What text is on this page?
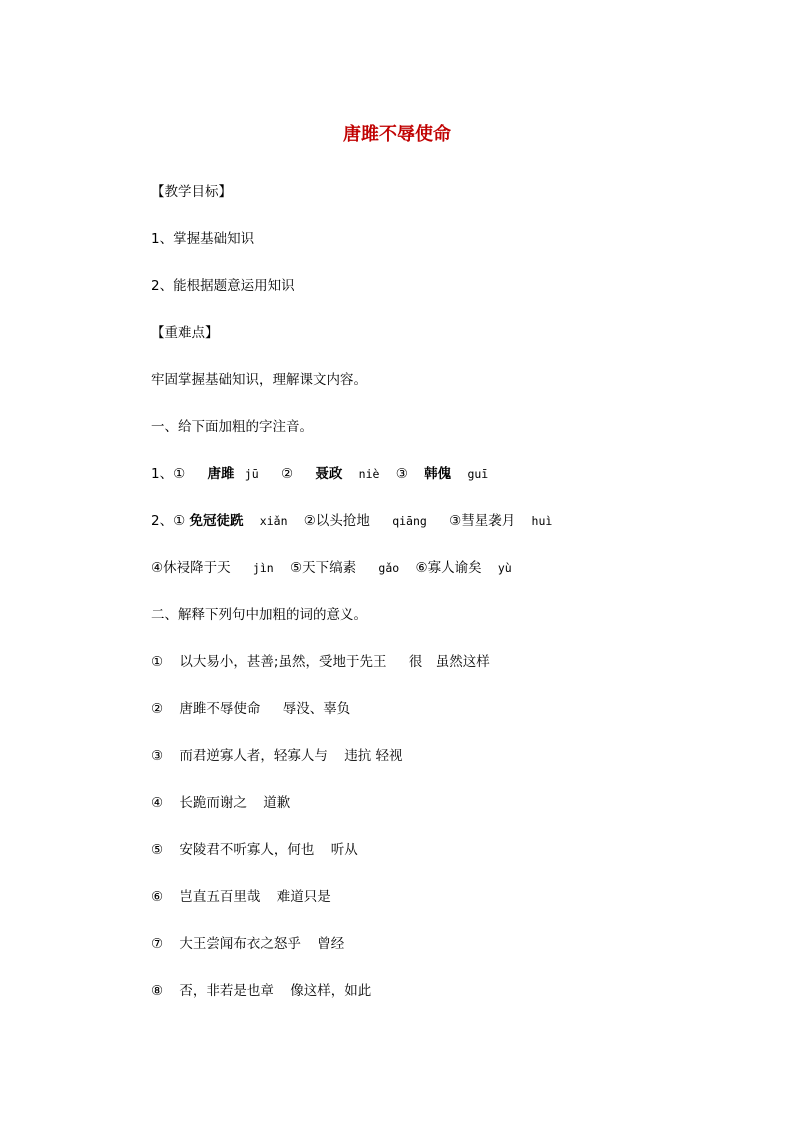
唐雎不辱使命
【教学目标】
1、掌握基础知识
2、能根据题意运用知识
【重难点】
牢固掌握基础知识，理解课文内容。
一、给下面加粗的字注音。
1、① 唐雎 jū ② 聂政 niè ③ 韩傀 guī
2、① 免冠徒跣 xiǎn ②以头抢地 qiāng ③彗星袭月 huì
④休祲降于天 jìn ⑤天下缟素 gǎo ⑥寡人谕矣 yù
二、解释下列句中加粗的词的意义。
① 以大易小，甚善;虽然，受地于先王 很　虽然这样
② 唐雎不辱使命 辱没、辜负
③ 而君逆寡人者，轻寡人与 违抗 轻视
④ 长跪而谢之 道歉
⑤ 安陵君不听寡人，何也 听从
⑥ 岂直五百里哉 难道只是
⑦ 大王尝闻布衣之怒乎 曾经
⑧ 否，非若是也章 像这样，如此
